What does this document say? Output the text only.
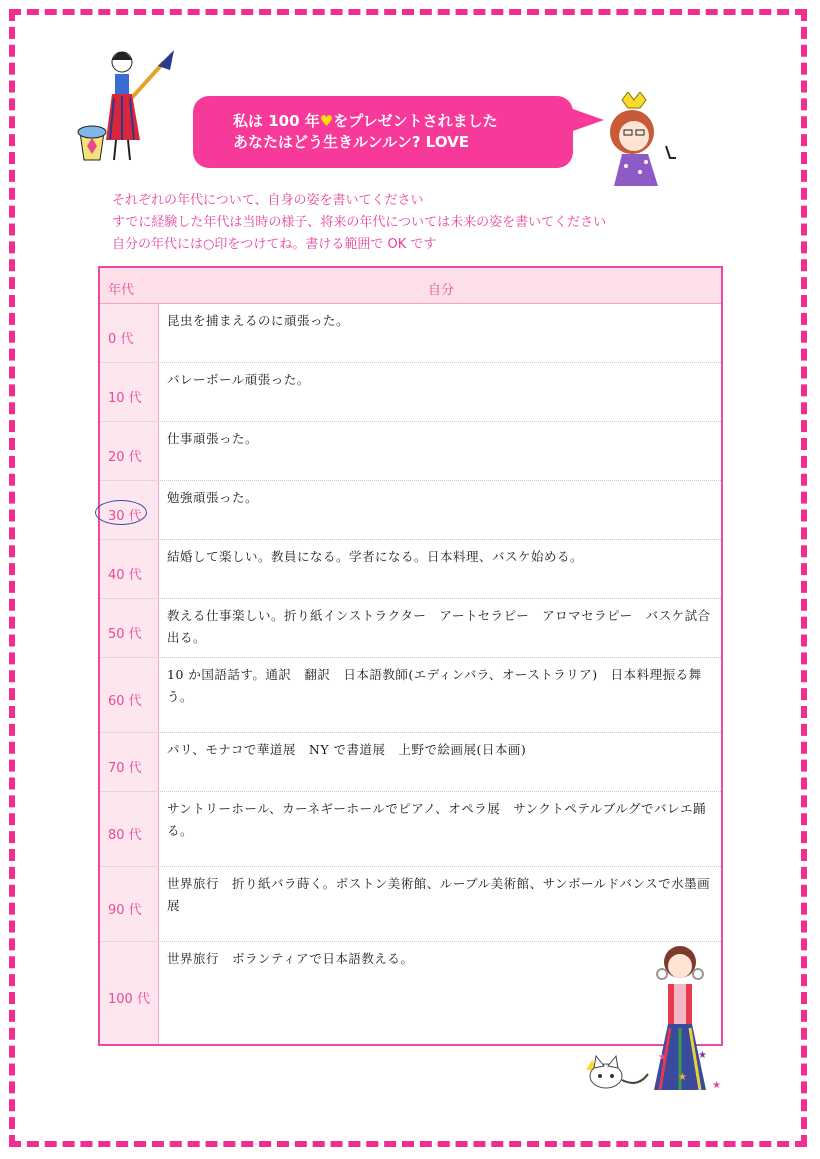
私は 100 年♥をプレゼントされました
あなたはどう生きルンルン? LOVE
それぞれの年代について、自身の姿を書いてください
すでに経験した年代は当時の様子、将来の年代については未来の姿を書いてください
自分の年代には○印をつけてね。書ける範囲で OK です
年代	自分
0 代
昆虫を捕まえるのに頑張った。
10 代
バレーボール頑張った。
20 代
仕事頑張った。
30 代
勉強頑張った。
40 代
結婚して楽しい。教員になる。学者になる。日本料理、バスケ始める。
50 代
教える仕事楽しい。折り紙インストラクター　アートセラピー　アロマセラピー　バスケ試合出る。
60 代
10 か国語話す。通訳　翻訳　日本語教師(エディンバラ、オーストラリア)　日本料理振る舞う。
70 代
パリ、モナコで華道展　NY で書道展　上野で絵画展(日本画)
80 代
サントリーホール、カーネギーホールでピアノ、オペラ展　サンクトペテルブルグでバレエ踊る。
90 代
世界旅行　折り紙バラ蒔く。ボストン美術館、ルーブル美術館、サンボールドバンスで水墨画展
100 代
世界旅行　ボランティアで日本語教える。
★
★
★
★
